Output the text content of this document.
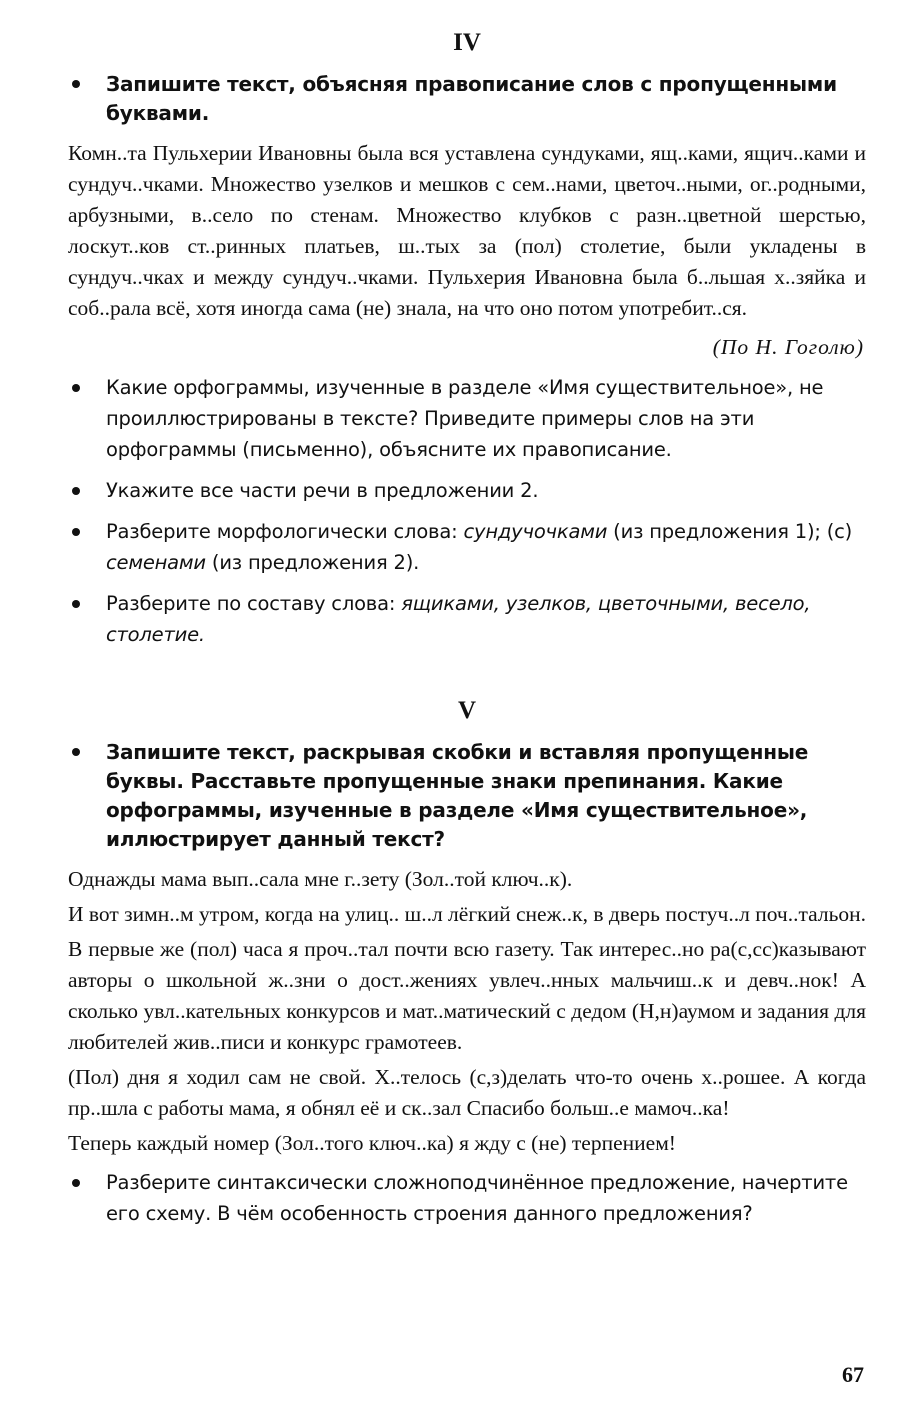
IV
Запишите текст, объясняя правописание слов с пропущенными буквами.

Комн..та Пульхерии Ивановны была вся уставлена сундуками, ящ..ками, ящич..ками и сундуч..чками. Множество узелков и мешков с сем..нами, цветоч..ными, ог..родными, арбузными, в..село по стенам. Множество клубков с разн..цветной шерстью, лоскут..ков ст..ринных платьев, ш..тых за (пол) столетие, были укладены в сундуч..чках и между сундуч..чками. Пульхерия Ивановна была б..льшая х..зяйка и соб..рала всё, хотя иногда сама (не) знала, на что оно потом употребит..ся.

(По Н. Гоголю)
Какие орфограммы, изученные в разделе «Имя существительное», не проиллюстрированы в тексте? Приведите примеры слов на эти орфограммы (письменно), объясните их правописание.
Укажите все части речи в предложении 2.
Разберите морфологически слова: сундучочками (из предложения 1); (с) семенами (из предложения 2).
Разберите по составу слова: ящиками, узелков, цветочными, весело, столетие.
V
Запишите текст, раскрывая скобки и вставляя пропущенные буквы. Расставьте пропущенные знаки препинания. Какие орфограммы, изученные в разделе «Имя существительное», иллюстрирует данный текст?

Однажды мама вып..сала мне г..зету (Зол..той ключ..к).

И вот зимн..м утром, когда на улиц.. ш..л лёгкий снеж..к, в дверь постуч..л поч..тальон.

В первые же (пол) часа я проч..тал почти всю газету. Так интерес..но ра(с,сс)казывают авторы о школьной ж..зни о дост..жениях увлеч..нных мальчиш..к и девч..нок! А сколько увл..кательных конкурсов и мат..матический с дедом (Н,н)аумом и задания для любителей жив..писи и конкурс грамотеев.

(Пол) дня я ходил сам не свой. Х..телось (с,з)делать что-то очень х..рошее. А когда пр..шла с работы мама, я обнял её и ск..зал Спасибо больш..е мамоч..ка!

Теперь каждый номер (Зол..того ключ..ка) я жду с (не) терпением!

Разберите синтаксически сложноподчинённое предложение, начертите его схему. В чём особенность строения данного предложения?
67
